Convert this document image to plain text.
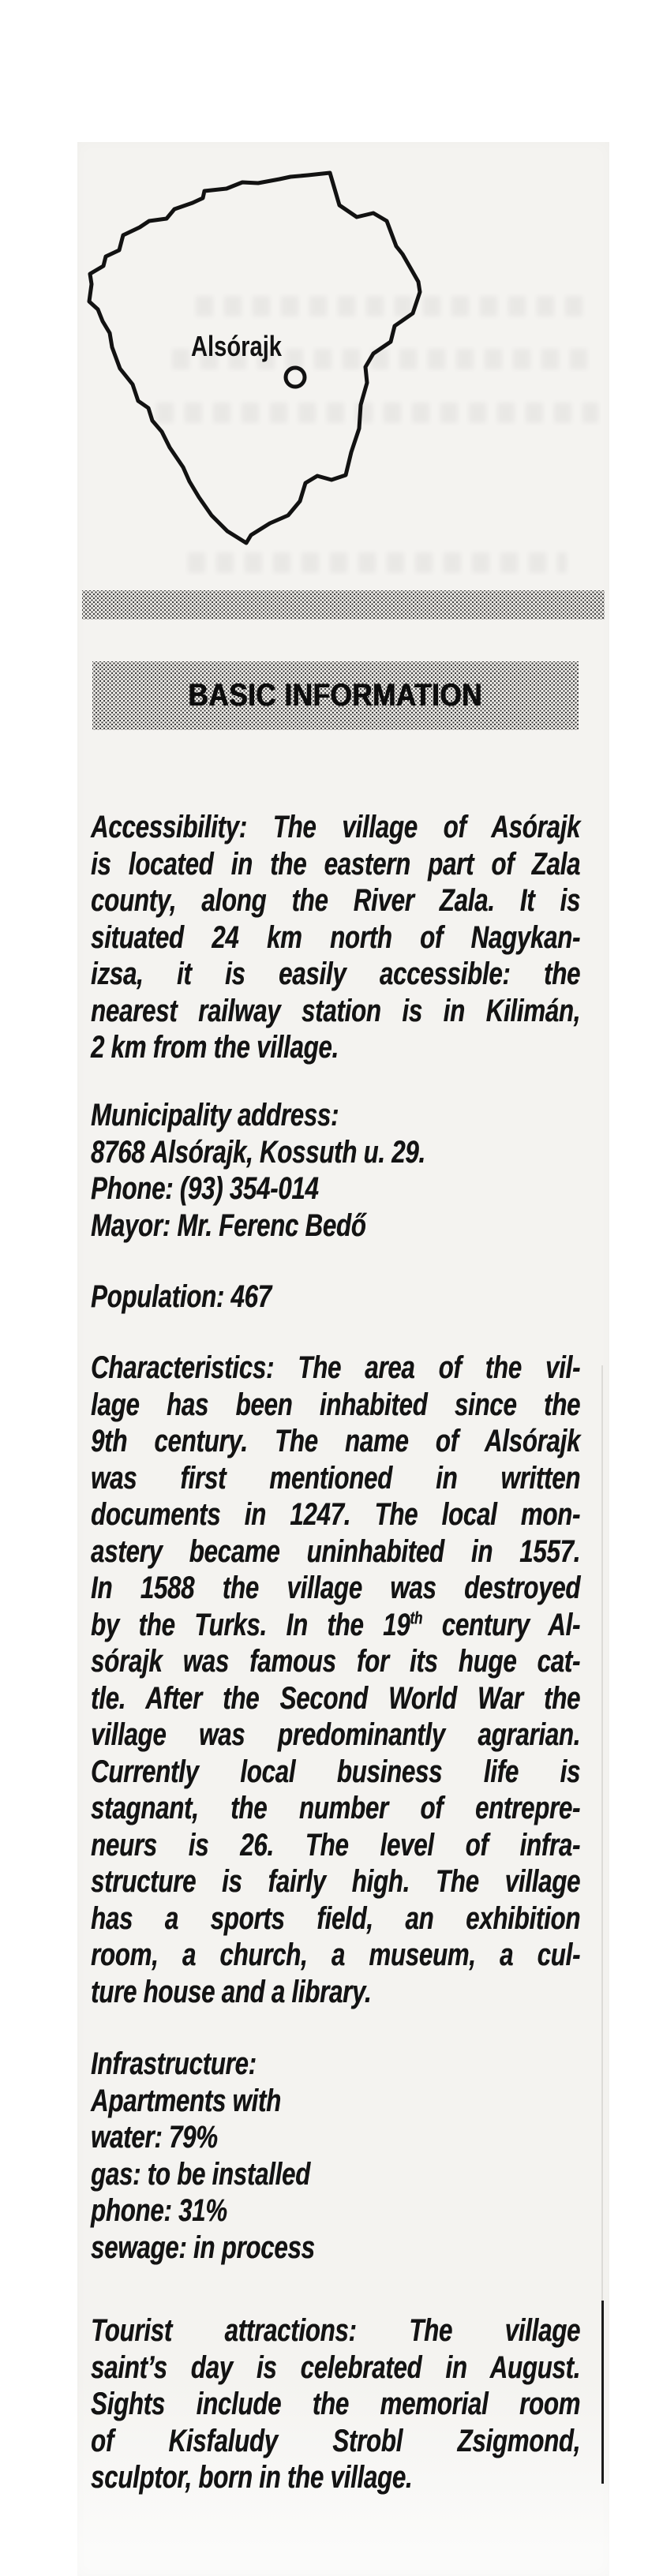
Alsórajk
BASIC INFORMATION
Accessibility: The village of Asórajk
is located in the eastern part of Zala
county, along the River Zala. It is
situated 24 km north of Nagykan-
izsa, it is easily accessible: the
nearest railway station is in Kilimán,
2 km from the village.
Municipality address:
8768 Alsórajk, Kossuth u. 29.
Phone: (93) 354-014
Mayor: Mr. Ferenc Bedő
Population: 467
Characteristics: The area of the vil-
lage has been inhabited since the
9th century. The name of Alsórajk
was first mentioned in written
documents in 1247. The local mon-
astery became uninhabited in 1557.
In 1588 the village was destroyed
by the Turks. In the 19th century Al-
sórajk was famous for its huge cat-
tle. After the Second World War the
village was predominantly agrarian.
Currently local business life is
stagnant, the number of entrepre-
neurs is 26. The level of infra-
structure is fairly high. The village
has a sports field, an exhibition
room, a church, a museum, a cul-
ture house and a library.
Infrastructure:
Apartments with
water: 79%
gas: to be installed
phone: 31%
sewage: in process
Tourist attractions: The village
saint’s day is celebrated in August.
Sights include the memorial room
of Kisfaludy Strobl Zsigmond,
sculptor, born in the village.
